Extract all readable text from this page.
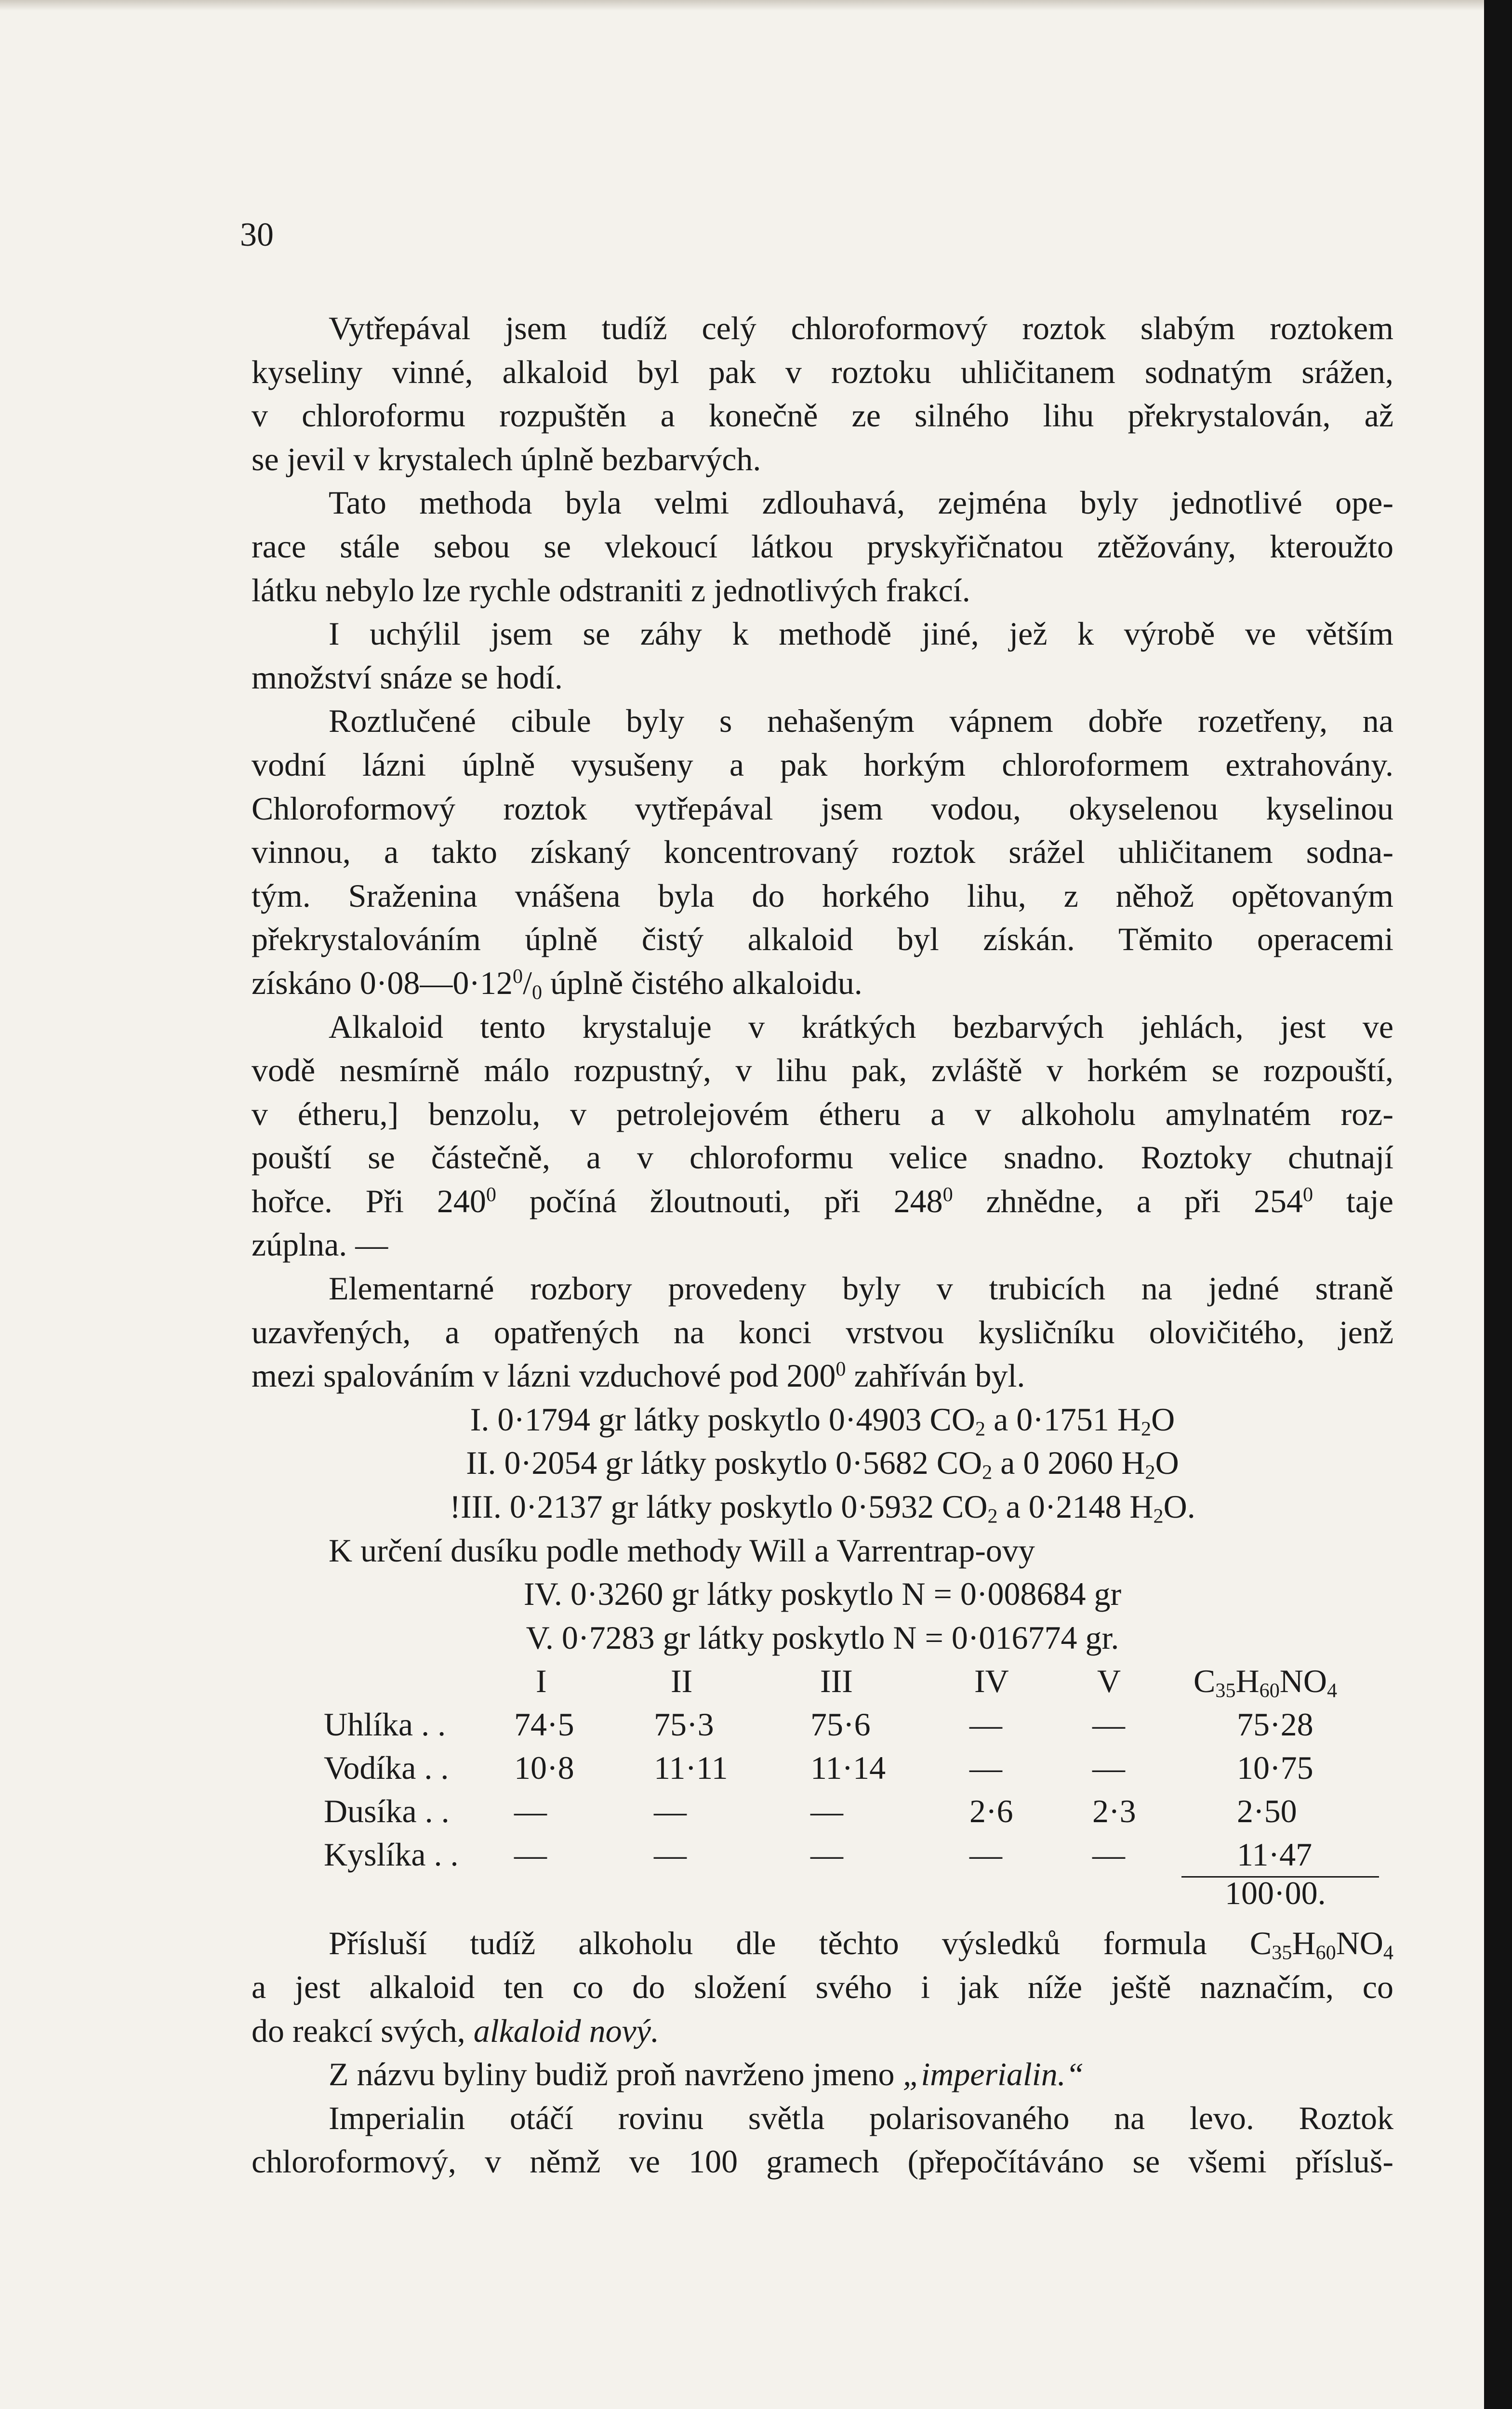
30
Vytřepával jsem tudíž celý chloroformový roztok slabým roztokem
kyseliny vinné, alkaloid byl pak v roztoku uhličitanem sodnatým srážen,
v chloroformu rozpuštěn a konečně ze silného lihu překrystalován, až
se jevil v krystalech úplně bezbarvých.
Tato methoda byla velmi zdlouhavá, zejména byly jednotlivé ope-
race stále sebou se vlekoucí látkou pryskyřičnatou ztěžovány, kteroužto
látku nebylo lze rychle odstraniti z jednotlivých frakcí.
I uchýlil jsem se záhy k methodě jiné, jež k výrobě ve větším
množství snáze se hodí.
Roztlučené cibule byly s nehašeným vápnem dobře rozetřeny, na
vodní lázni úplně vysušeny a pak horkým chloroformem extrahovány.
Chloroformový roztok vytřepával jsem vodou, okyselenou kyselinou
vinnou, a takto získaný koncentrovaný roztok srážel uhličitanem sodna-
tým. Sraženina vnášena byla do horkého lihu, z něhož opětovaným
překrystalováním úplně čistý alkaloid byl získán. Těmito operacemi
získáno $0\cdot 08—0\cdot 12^0/_0$ úplně čistého alkaloidu.
Alkaloid tento krystaluje v krátkých bezbarvých jehlách, jest ve
vodě nesmírně málo rozpustný, v lihu pak, zvláště v horkém se rozpouští,
v étheru,] benzolu, v petrolejovém étheru a v alkoholu amylnatém roz-
pouští se částečně, a v chloroformu velice snadno. Roztoky chutnají
hořce. Při $240^0$ počíná žloutnouti, při $248^0$ zhnědne, a při $254^0$ taje
zúplna. —
Elementarné rozbory provedeny byly v trubicích na jedné straně
uzavřených, a opatřených na konci vrstvou kysličníku olovičitého, jenž
mezi spalováním v lázni vzduchové pod $200^0$ zahříván byl.
I. 0·1794 gr látky poskytlo 0·4903 $CO_2$ a 0·1751 $H_2O$
II. 0·2054 gr látky poskytlo 0·5682 $CO_2$ a 0 2060 $H_2O$
!III. 0·2137 gr látky poskytlo 0·5932 $CO_2$ a 0·2148 $H_2O$.
K určení dusíku podle methody Will a Varrentrap-ovy
IV. 0·3260 gr látky poskytlo N = 0·008684 gr
V. 0·7283 gr látky poskytlo N = 0·016774 gr.
I	II	III	IV	V $C_{35}H_{60}NO_4$
Uhlíka . . 74·5 75·3	75·6	—	—	75·28
Vodíka . . 10·8 11·11	11·14	—	—	10·75
Dusíka . . —	—	—	2·6 2·3	2·50
Kyslíka . . —	—	—	—	—	11·47
100·00.
Přísluší tudíž alkoholu dle těchto výsledků formula $C_{35}H_{60}NO_4$
a jest alkaloid ten co do složení svého i jak níže ještě naznačím, co
do reakcí svých, alkaloid nový.
Z názvu byliny budiž proň navrženo jmeno „imperialin.“
Imperialin otáčí rovinu světla polarisovaného na levo. Roztok
chloroformový, v němž ve 100 gramech (přepočítáváno se všemi přísluš-
